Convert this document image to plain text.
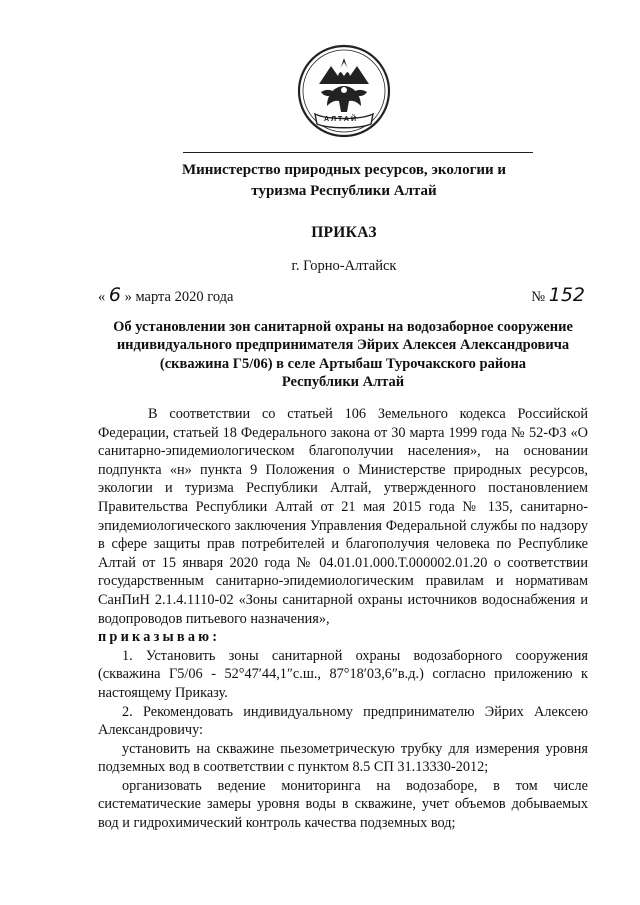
АЛТАЙ
Министерство природных ресурсов, экологии и
туризма Республики Алтай
ПРИКАЗ
г. Горно-Алтайск
« 6 » марта 2020 года	№ 152
Об установлении зон санитарной охраны на водозаборное сооружение
индивидуального предпринимателя Эйрих Алексея Александровича
(скважина Г5/06) в селе Артыбаш Турочакского района
Республики Алтай

В соответствии со статьей 106 Земельного кодекса Российской Федерации, статьей 18 Федерального закона от 30 марта 1999 года № 52-ФЗ «О санитарно-эпидемиологическом благополучии населения», на основании подпункта «н» пункта 9 Положения о Министерстве природных ресурсов, экологии и туризма Республики Алтай, утвержденного постановлением Правительства Республики Алтай от 21 мая 2015 года № 135, санитарно-эпидемиологического заключения Управления Федеральной службы по надзору в сфере защиты прав потребителей и благополучия человека по Республике Алтай от 15 января 2020 года № 04.01.01.000.Т.000002.01.20 о соответствии государственным санитарно-эпидемиологическим правилам и нормативам СанПиН 2.1.4.1110-02 «Зоны санитарной охраны источников водоснабжения и водопроводов питьевого назначения»,

приказываю:

1. Установить зоны санитарной охраны водозаборного сооружения (скважина Г5/06 - 52°47′44,1″с.ш., 87°18′03,6″в.д.) согласно приложению к настоящему Приказу.

2. Рекомендовать индивидуальному предпринимателю Эйрих Алексею Александровичу:

установить на скважине пьезометрическую трубку для измерения уровня подземных вод в соответствии с пунктом 8.5 СП 31.13330-2012;

организовать ведение мониторинга на водозаборе, в том числе систематические замеры уровня воды в скважине, учет объемов добываемых вод и гидрохимический контроль качества подземных вод;
